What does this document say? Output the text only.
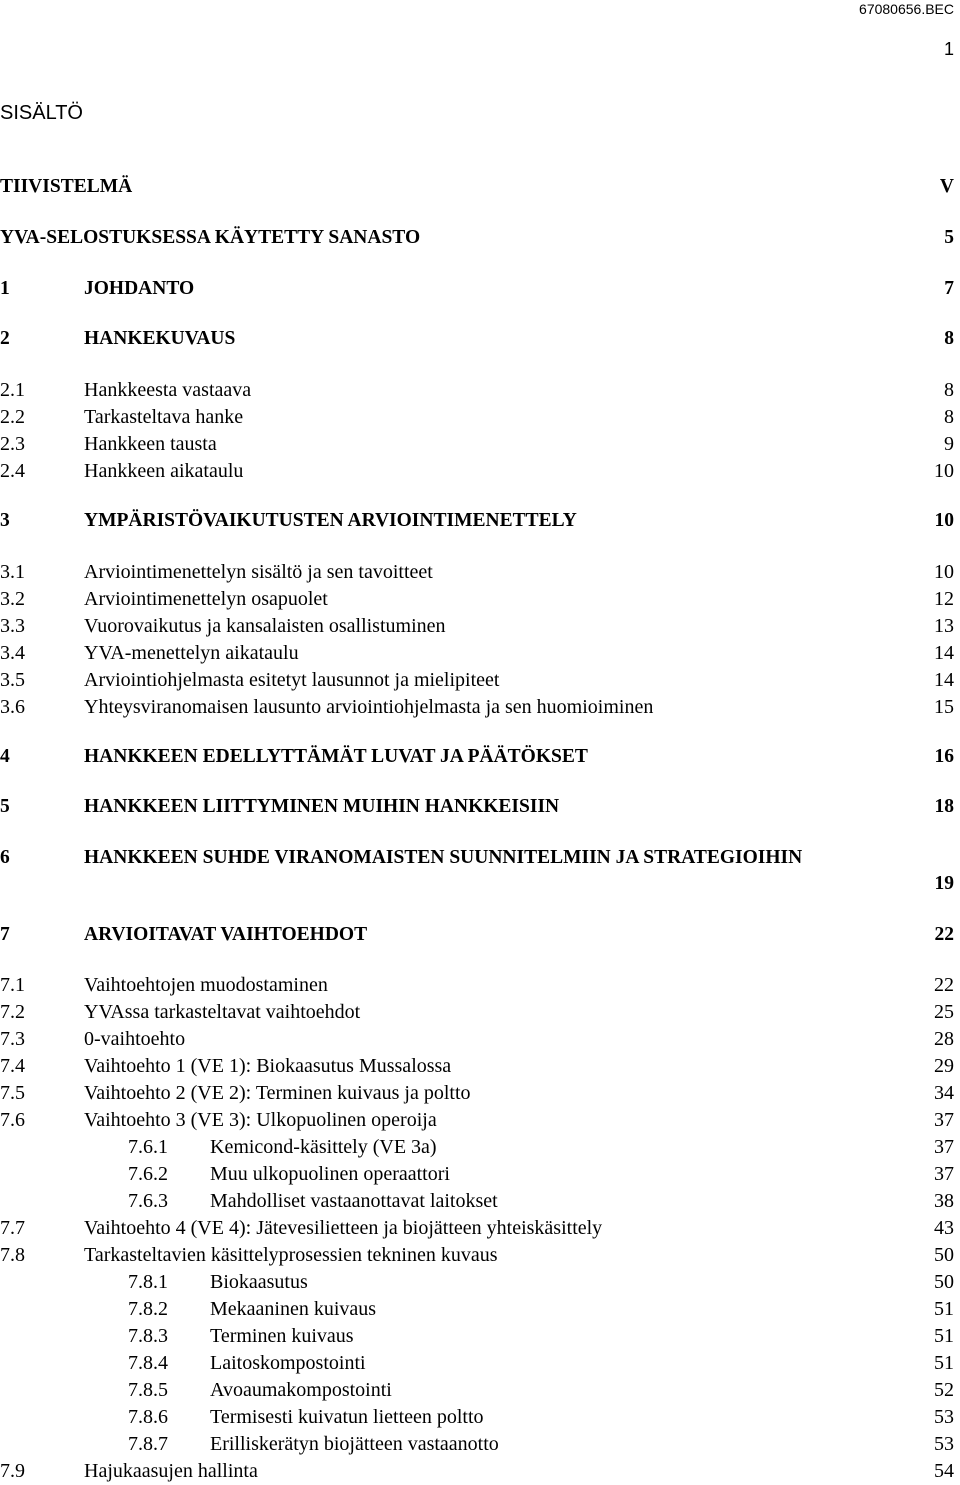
67080656.BEC
1
SISÄLTÖ
TIIVISTELMÄ	V
YVA-SELOSTUKSESSA KÄYTETTY SANASTO	5
1	JOHDANTO	7
2	HANKEKUVAUS	8
2.1	Hankkeesta vastaava	8
2.2	Tarkasteltava hanke	8
2.3	Hankkeen tausta	9
2.4	Hankkeen aikataulu	10
3	YMPÄRISTÖVAIKUTUSTEN ARVIOINTIMENETTELY	10
3.1	Arviointimenettelyn sisältö ja sen tavoitteet	10
3.2	Arviointimenettelyn osapuolet	12
3.3	Vuorovaikutus ja kansalaisten osallistuminen	13
3.4	YVA-menettelyn aikataulu	14
3.5	Arviointiohjelmasta esitetyt lausunnot ja mielipiteet	14
3.6	Yhteysviranomaisen lausunto arviointiohjelmasta ja sen huomioiminen	15
4	HANKKEEN EDELLYTTÄMÄT LUVAT JA PÄÄTÖKSET	16
5	HANKKEEN LIITTYMINEN MUIHIN HANKKEISIIN	18
6	HANKKEEN SUHDE VIRANOMAISTEN SUUNNITELMIIN JA STRATEGIOIHIN
19
7	ARVIOITAVAT VAIHTOEHDOT	22
7.1	Vaihtoehtojen muodostaminen	22
7.2	YVAssa tarkasteltavat vaihtoehdot	25
7.3	0-vaihtoehto	28
7.4	Vaihtoehto 1 (VE 1): Biokaasutus Mussalossa	29
7.5	Vaihtoehto 2 (VE 2): Terminen kuivaus ja poltto	34
7.6	Vaihtoehto 3 (VE 3): Ulkopuolinen operoija	37
7.6.1 Kemicond-käsittely (VE 3a)	37
7.6.2 Muu ulkopuolinen operaattori	37
7.6.3 Mahdolliset vastaanottavat laitokset	38
7.7	Vaihtoehto 4 (VE 4): Jätevesilietteen ja biojätteen yhteiskäsittely	43
7.8	Tarkasteltavien käsittelyprosessien tekninen kuvaus	50
7.8.1 Biokaasutus	50
7.8.2 Mekaaninen kuivaus	51
7.8.3 Terminen kuivaus	51
7.8.4 Laitoskompostointi	51
7.8.5 Avoaumakompostointi	52
7.8.6 Termisesti kuivatun lietteen poltto	53
7.8.7 Erilliskerätyn biojätteen vastaanotto	53
7.9	Hajukaasujen hallinta	54
